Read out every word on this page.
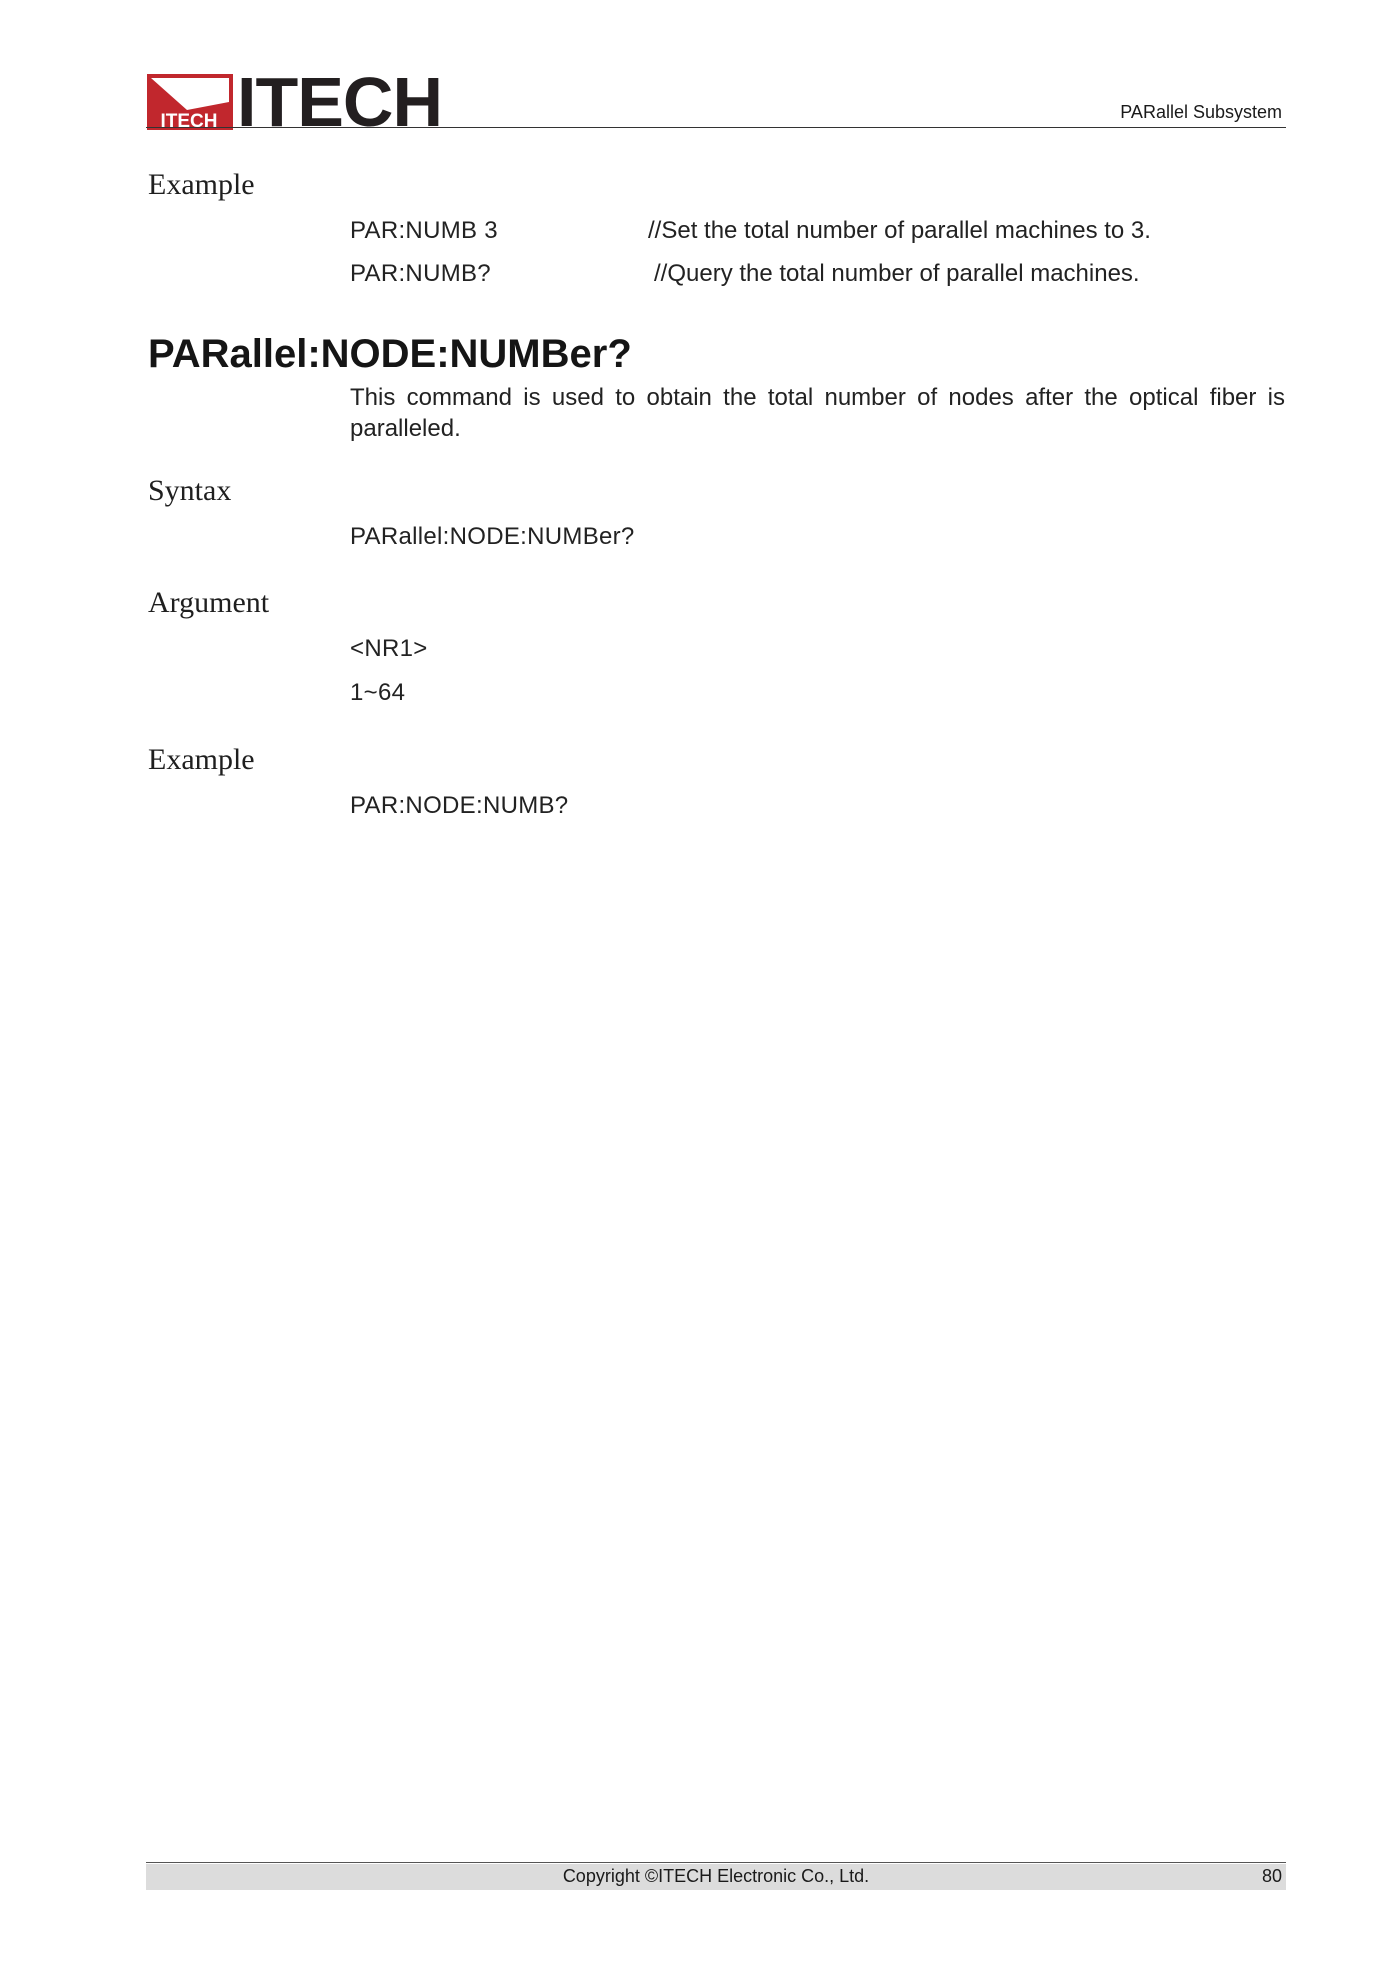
ITECH ITECH	PARallel Subsystem
Example
PAR:NUMB 3	//Set the total number of parallel machines to 3.
PAR:NUMB?	//Query the total number of parallel machines.
PARallel:NODE:NUMBer?
This command is used to obtain the total number of nodes after the optical fiber is paralleled.
Syntax
PARallel:NODE:NUMBer?
Argument
<NR1>
1~64
Example
PAR:NODE:NUMB?
Copyright ©ITECH Electronic Co., Ltd.	80
